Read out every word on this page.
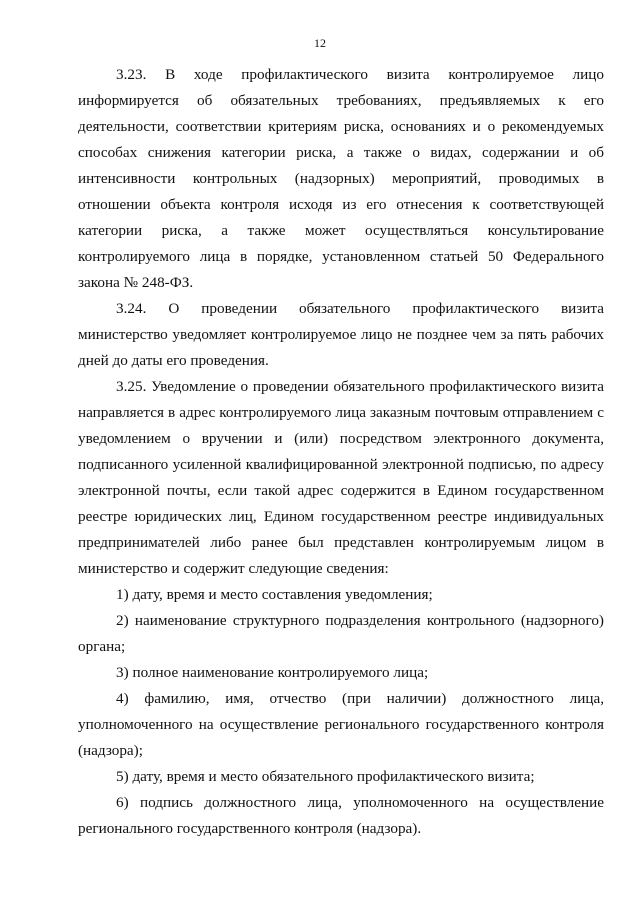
12

3.23. В ходе профилактического визита контролируемое лицо информируется об обязательных требованиях, предъявляемых к его деятельности, соответствии критериям риска, основаниях и о рекомендуемых способах снижения категории риска, а также о видах, содержании и об интенсивности контрольных (надзорных) мероприятий, проводимых в отношении объекта контроля исходя из его отнесения к соответствующей категории риска, а также может осуществляться консультирование контролируемого лица в порядке, установленном статьей 50 Федерального закона № 248-ФЗ.

3.24. О проведении обязательного профилактического визита министерство уведомляет контролируемое лицо не позднее чем за пять рабочих дней до даты его проведения.

3.25. Уведомление о проведении обязательного профилактического визита направляется в адрес контролируемого лица заказным почтовым отправлением с уведомлением о вручении и (или) посредством электронного документа, подписанного усиленной квалифицированной электронной подписью, по адресу электронной почты, если такой адрес содержится в Едином государственном реестре юридических лиц, Едином государственном реестре индивидуальных предпринимателей либо ранее был представлен контролируемым лицом в министерство и содержит следующие сведения:

1) дату, время и место составления уведомления;

2) наименование структурного подразделения контрольного (надзорного) органа;

3) полное наименование контролируемого лица;

4) фамилию, имя, отчество (при наличии) должностного лица, уполномоченного на осуществление регионального государственного контроля (надзора);

5) дату, время и место обязательного профилактического визита;

6) подпись должностного лица, уполномоченного на осуществление регионального государственного контроля (надзора).
